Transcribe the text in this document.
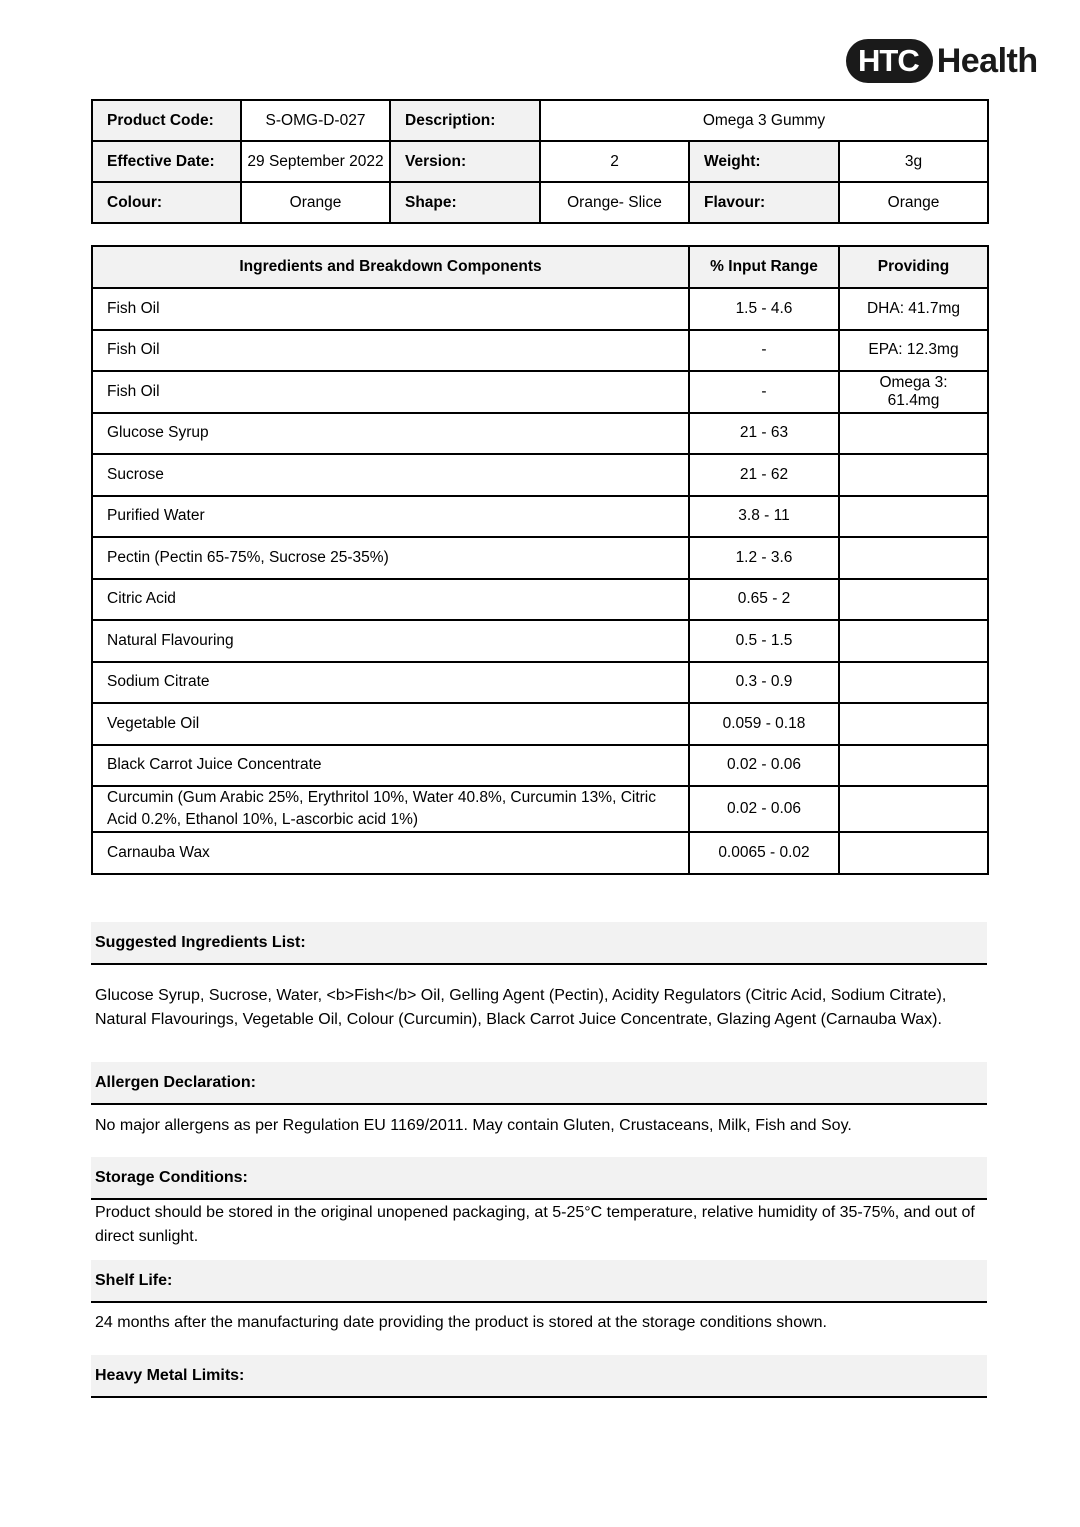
HTC Health
Product Code:	S-OMG-D-027	Description:	Omega 3 Gummy		
Effective Date:	29 September 2022	Version:	2	Weight:	3g
Colour:	Orange	Shape:	Orange- Slice	Flavour:	Orange
Ingredients and Breakdown Components	% Input Range	Providing
Fish Oil	1.5 - 4.6	DHA: 41.7mg
Fish Oil	-	EPA: 12.3mg
Fish Oil	-	Omega 3: 61.4mg
Glucose Syrup	21 - 63	
Sucrose	21 - 62	
Purified Water	3.8 - 11	
Pectin (Pectin 65-75%, Sucrose 25-35%)	1.2 - 3.6	
Citric Acid	0.65 - 2	
Natural Flavouring	0.5 - 1.5	
Sodium Citrate	0.3 - 0.9	
Vegetable Oil	0.059 - 0.18	
Black Carrot Juice Concentrate	0.02 - 0.06	
Curcumin (Gum Arabic 25%, Erythritol 10%, Water 40.8%, Curcumin 13%, Citric Acid 0.2%, Ethanol 10%, L-ascorbic acid 1%)	0.02 - 0.06	
Carnauba Wax	0.0065 - 0.02	
Suggested Ingredients List:
Glucose Syrup, Sucrose, Water, <b>Fish</b> Oil, Gelling Agent (Pectin), Acidity Regulators (Citric Acid, Sodium Citrate), Natural Flavourings, Vegetable Oil, Colour (Curcumin), Black Carrot Juice Concentrate, Glazing Agent (Carnauba Wax).
Allergen Declaration:
No major allergens as per Regulation EU 1169/2011. May contain Gluten, Crustaceans, Milk, Fish and Soy.
Storage Conditions:
Product should be stored in the original unopened packaging, at 5-25°C temperature, relative humidity of 35-75%, and out of direct sunlight.
Shelf Life:
24 months after the manufacturing date providing the product is stored at the storage conditions shown.
Heavy Metal Limits:
